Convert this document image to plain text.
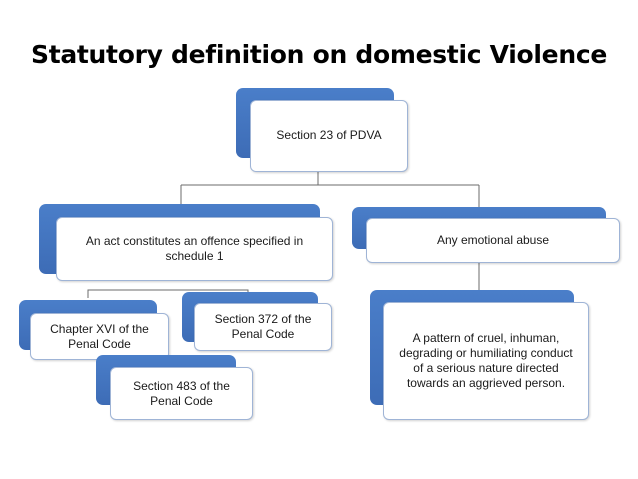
Statutory definition on domestic Violence
Section 23 of PDVA
An act constitutes an offence specified in schedule 1
Any emotional abuse
Chapter XVI of the Penal Code
Section 372 of the Penal Code
Section 483 of the Penal Code
A pattern of cruel, inhuman, degrading or humiliating conduct of a serious nature directed towards an aggrieved person.
